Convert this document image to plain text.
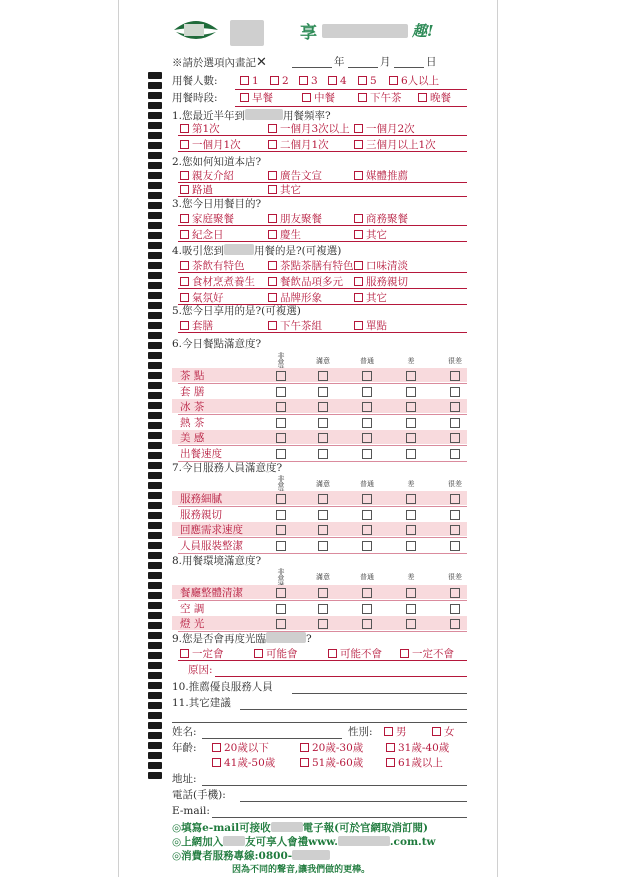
享	趣!
※請於選項內畫記✕	年	月	日
用餐人數:	1	2	3	4	5	6人以上
用餐時段:	早餐	中餐	下午茶	晚餐
1.您最近半年到	用餐頻率?
第1次	一個月3次以上	一個月2次
一個月1次	二個月1次	三個月以上1次
2.您如何知道本店?
親友介紹	廣告文宣	媒體推薦
路過	其它
3.您今日用餐目的?
家庭聚餐	朋友聚餐	商務聚餐
紀念日	慶生	其它
4.吸引您到	用餐的是?(可複選)
茶飲有特色	茶點茶膳有特色	口味清淡
食材烹煮養生	餐飲品項多元	服務親切
氣氛好	品牌形象	其它
5.您今日享用的是?(可複選)
套膳	下午茶組	單點
6.今日餐點滿意度?
非常	滿意	普通	差	很差
茶 點
套 膳
冰 茶
熱 茶
美 感
出餐速度
7.今日服務人員滿意度?
非常	滿意	普通	差	很差
服務細膩
服務親切
回應需求速度
人員服裝整潔
8.用餐環境滿意度?
非常	滿意	普通	差	很差
餐廳整體清潔
空 調
燈 光
9.您是否會再度光臨	?
一定會	可能會	可能不會	一定不會
原因:
10.推薦優良服務人員
11.其它建議
姓名:	性別:	男	女
年齡:	20歲以下	20歲-30歲	31歲-40歲
41歲-50歲	51歲-60歲	61歲以上
地址:
電話(手機):
E-mail:
◎填寫e-mail可接收	電子報(可於官網取消訂閱)
◎上網加入 友可享人會禮www.	.com.tw
◎消費者服務專線:0800-
因為不同的聲音,讓我們做的更棒。
